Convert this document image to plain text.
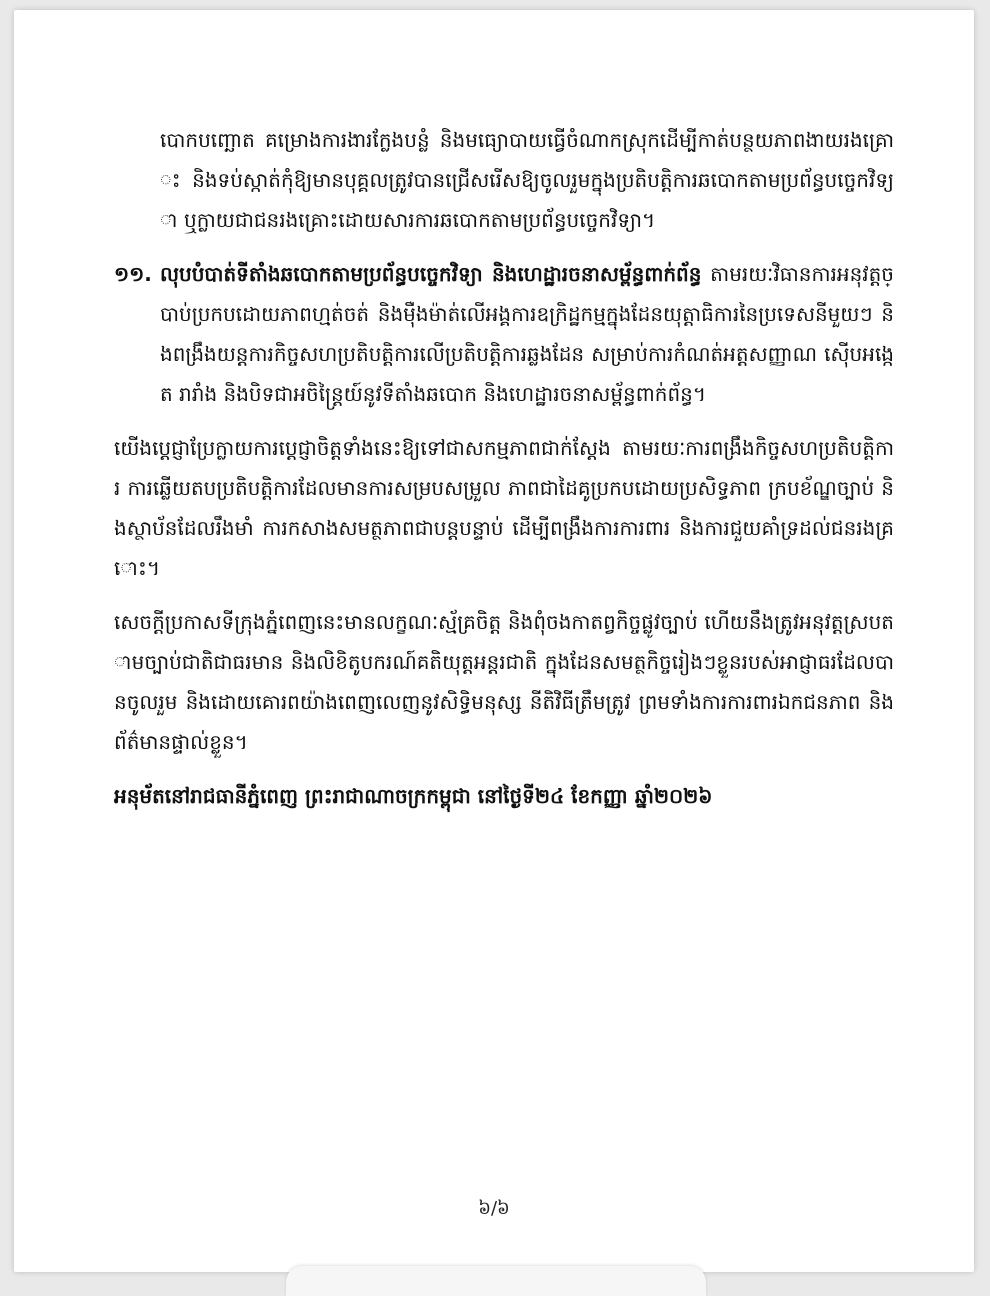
បោកបញ្ឆោត គម្រោងការងារក្លែងបន្លំ និងមធ្យោបាយធ្វើចំណាកស្រុកដើម្បីកាត់បន្ថយភាពងាយរងគ្រោះ និងទប់ស្កាត់កុំឱ្យមានបុគ្គលត្រូវបានជ្រើសរើសឱ្យចូលរួមក្នុងប្រតិបត្តិការឆបោកតាមប្រព័ន្ធបច្ចេកវិទ្យា ឬក្លាយជាជនរងគ្រោះដោយសារការឆបោកតាមប្រព័ន្ធបច្ចេកវិទ្យា។

១១. លុបបំបាត់ទីតាំងឆបោកតាមប្រព័ន្ធបច្ចេកវិទ្យា និងហេដ្ឋារចនាសម្ព័ន្ធពាក់ព័ន្ធ តាមរយៈវិធានការអនុវត្តច្បាប់ប្រកបដោយភាពហ្មត់ចត់ និងម៉ឺងម៉ាត់លើអង្គការឧក្រិដ្ឋកម្មក្នុងដែនយុត្តាធិការនៃប្រទេសនីមួយៗ និងពង្រឹងយន្តការកិច្ចសហប្រតិបត្តិការលើប្រតិបត្តិការឆ្លងដែន សម្រាប់ការកំណត់អត្តសញ្ញាណ ស៊ើបអង្កេត រារាំង និងបិទជាអចិន្ត្រៃយ៍នូវទីតាំងឆបោក និងហេដ្ឋារចនាសម្ព័ន្ធពាក់ព័ន្ធ។

យើងប្តេជ្ញាប្រែក្លាយការប្តេជ្ញាចិត្តទាំងនេះឱ្យទៅជាសកម្មភាពជាក់ស្តែង តាមរយៈការពង្រឹងកិច្ចសហប្រតិបត្តិការ ការឆ្លើយតបប្រតិបត្តិការដែលមានការសម្របសម្រួល ភាពជាដៃគូប្រកបដោយប្រសិទ្ធភាព ក្របខ័ណ្ឌច្បាប់ និងស្ថាប័នដែលរឹងមាំ ការកសាងសមត្ថភាពជាបន្តបន្ទាប់ ដើម្បីពង្រឹងការការពារ និងការជួយគាំទ្រដល់ជនរងគ្រោះ។

សេចក្តីប្រកាសទីក្រុងភ្នំពេញនេះមានលក្ខណៈស្ម័គ្រចិត្ត និងពុំចងកាតព្វកិច្ចផ្លូវច្បាប់ ហើយនឹងត្រូវអនុវត្តស្របតាមច្បាប់ជាតិជាធរមាន និងលិខិតូបករណ៍គតិយុត្តអន្តរជាតិ ក្នុងដែនសមត្ថកិច្ចរៀងៗខ្លួនរបស់អាជ្ញាធរដែលបានចូលរួម និងដោយគោរពយ៉ាងពេញលេញនូវសិទ្ធិមនុស្ស នីតិវិធីត្រឹមត្រូវ ព្រមទាំងការការពារឯកជនភាព និងព័ត៌មានផ្ទាល់ខ្លួន។

អនុម័តនៅរាជធានីភ្នំពេញ ព្រះរាជាណាចក្រកម្ពុជា នៅថ្ងៃទី២៤ ខែកញ្ញា ឆ្នាំ២០២៦
៦/៦
